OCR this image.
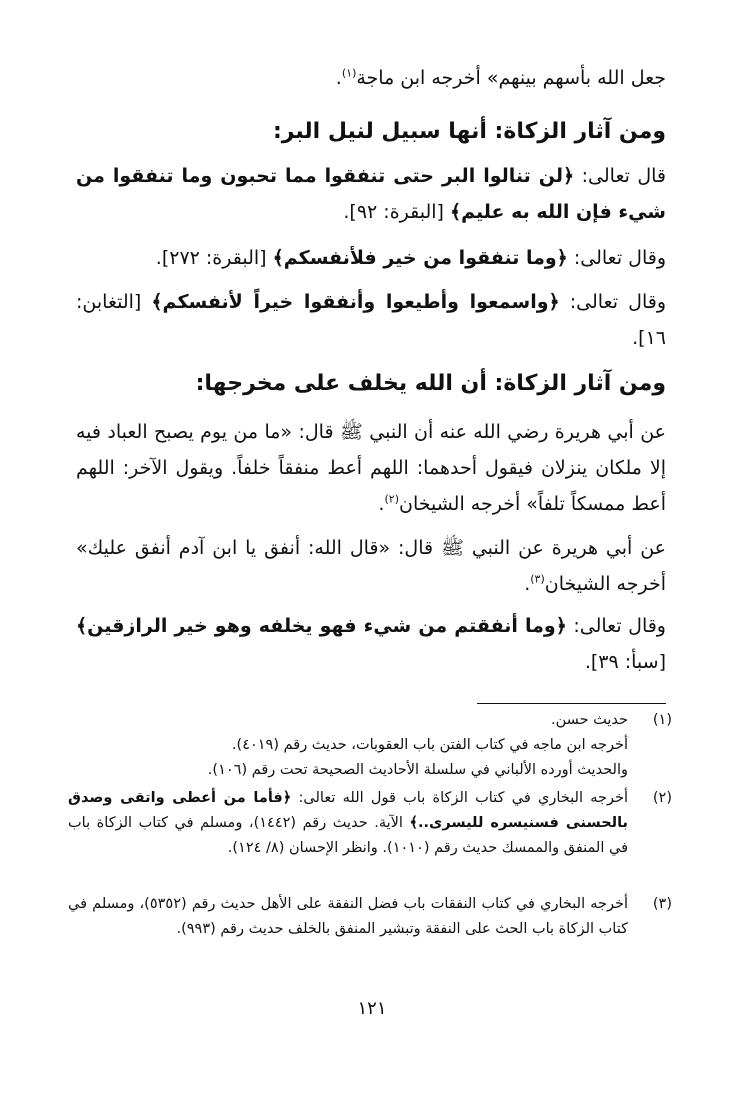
جعل الله بأسهم بينهم» أخرجه ابن ماجة$^{(١)}$.

ومن آثار الزكاة: أنها سبيل لنيل البر:

قال تعالى: ﴿لن تنالوا البر حتى تنفقوا مما تحبون وما تنفقوا من شيء فإن الله به عليم﴾ [البقرة: ٩٢].

وقال تعالى: ﴿وما تنفقوا من خير فلأنفسكم﴾ [البقرة: ٢٧٢].

وقال تعالى: ﴿واسمعوا وأطيعوا وأنفقوا خيراً لأنفسكم﴾ [التغابن: ١٦].

ومن آثار الزكاة: أن الله يخلف على مخرجها:

عن أبي هريرة رضي الله عنه أن النبي ﷺ قال: «ما من يوم يصبح العباد فيه إلا ملكان ينزلان فيقول أحدهما: اللهم أعط منفقاً خلفاً. ويقول الآخر: اللهم أعط ممسكاً تلفاً» أخرجه الشيخان$^{(٢)}$.

عن أبي هريرة عن النبي ﷺ قال: «قال الله: أنفق يا ابن آدم أنفق عليك» أخرجه الشيخان$^{(٣)}$.

وقال تعالى: ﴿وما أنفقتم من شيء فهو يخلفه وهو خير الرازقين﴾ [سبأ: ٣٩].

(١)
حديث حسن.
أخرجه ابن ماجه في كتاب الفتن باب العقوبات، حديث رقم (٤٠١٩).
والحديث أورده الألباني في سلسلة الأحاديث الصحيحة تحت رقم (١٠٦).
(٢)
أخرجه البخاري في كتاب الزكاة باب قول الله تعالى: ﴿فأما من أعطى واتقى وصدق بالحسنى فسنيسره لليسرى..﴾ الآية. حديث رقم (١٤٤٢)، ومسلم في كتاب الزكاة باب في المنفق والممسك حديث رقم (١٠١٠). وانظر الإحسان (٨/ ١٢٤).
(٣)
أخرجه البخاري في كتاب النفقات باب فضل النفقة على الأهل حديث رقم (٥٣٥٢)، ومسلم في كتاب الزكاة باب الحث على النفقة وتبشير المنفق بالخلف حديث رقم (٩٩٣).
١٢١
